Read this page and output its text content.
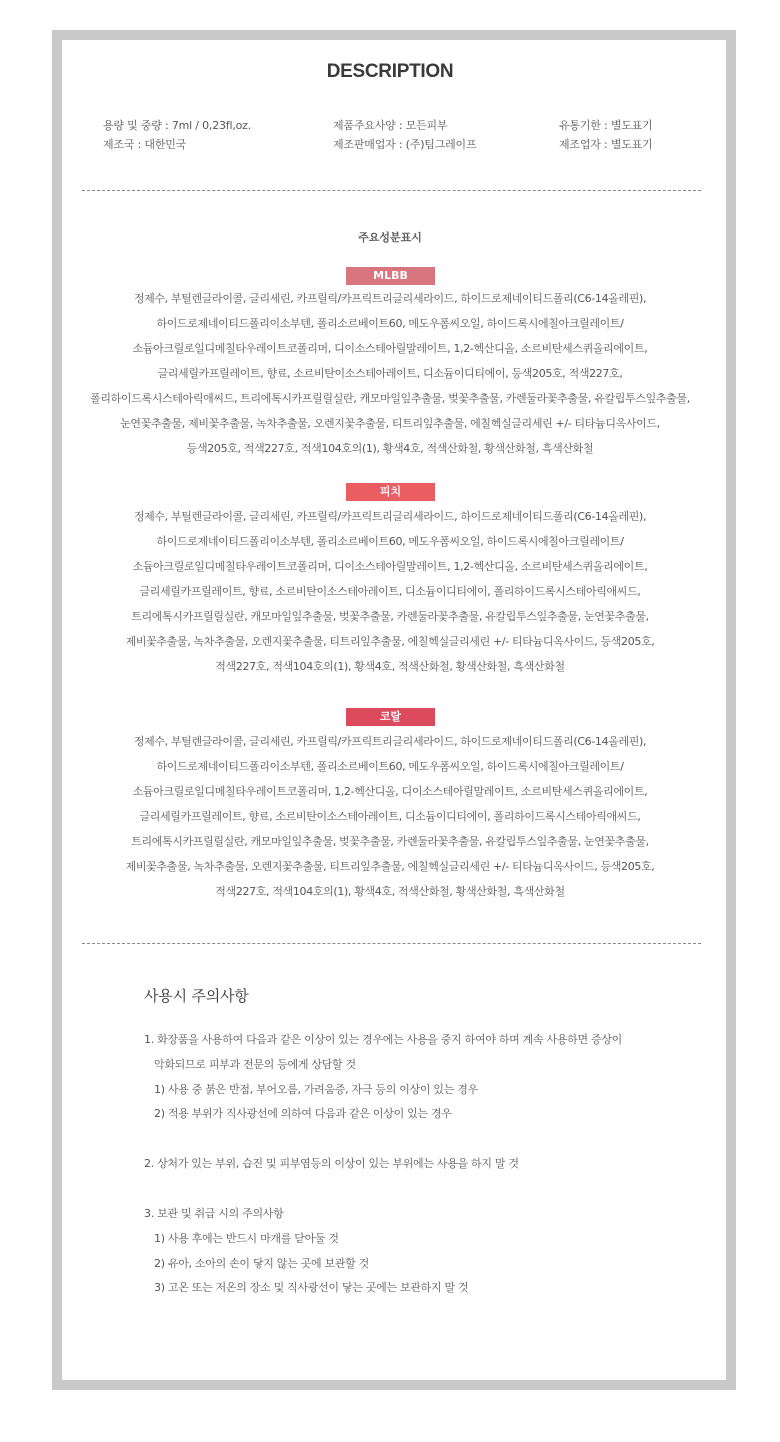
DESCRIPTION
용량 및 중량 : 7ml / 0,23fl,oz.	제품주요사양 : 모든피부	유통기한 : 별도표기
제조국 : 대한민국	제조판매업자 : (주)팀그레이프	제조업자 : 별도표기
주요성분표시
MLBB
정제수, 부틸렌글라이콜, 글리세린, 카프릴릭/카프릭트리글리세라이드, 하이드로제네이티드폴리(C6-14올레핀),
하이드로제네이티드폴리이소부텐, 폴리소르베이트60, 메도우폼씨오일, 하이드록시에칠아크릴레이트/
소듐아크릴로일디메칠타우레이트코폴리머, 디이소스테아릴말레이트, 1,2-헥산디올, 소르비탄세스퀴올리에이트,
글리세릴카프릴레이트, 향료, 소르비탄이소스테아레이트, 디소듐이디티에이, 등색205호, 적색227호,
폴리하이드록시스테아릭애씨드, 트리에톡시카프릴릴실란, 캐모마일잎추출물, 벚꽃추출물, 카렌둘라꽃추출물, 유칼립투스잎추출물,
눈연꽃추출물, 제비꽃추출물, 녹차추출물, 오렌지꽃추출물, 티트리잎추출물, 에칠헥실글리세린 +/- 티타늄디옥사이드,
등색205호, 적색227호, 적색104호의(1), 황색4호, 적색산화철, 황색산화철, 흑색산화철
피치
정제수, 부틸렌글라이콜, 글리세린, 카프릴릭/카프릭트리글리세라이드, 하이드로제네이티드폴리(C6-14올레핀),
하이드로제네이티드폴리이소부텐, 폴리소르베이트60, 메도우폼씨오일, 하이드록시에칠아크릴레이트/
소듐아크릴로일디메칠타우레이트코폴리머, 디이소스테아릴말레이트, 1,2-헥산디올, 소르비탄세스퀴올리에이트,
글리세릴카프릴레이트, 향료, 소르비탄이소스테아레이트, 디소듐이디티에이, 폴리하이드록시스테아릭애씨드,
트리에톡시카프릴릴실란, 캐모마일잎추출물, 벚꽃추출물, 카렌둘라꽃추출물, 유칼립투스잎추출물, 눈연꽃추출물,
제비꽃추출물, 녹차추출물, 오렌지꽃추출물, 티트리잎추출물, 에칠헥실글리세린 +/- 티타늄디옥사이드, 등색205호,
적색227호, 적색104호의(1), 황색4호, 적색산화철, 황색산화철, 흑색산화철
코랄
정제수, 부틸렌글라이콜, 글리세린, 카프릴릭/카프릭트리글리세라이드, 하이드로제네이티드폴리(C6-14올레핀),
하이드로제네이티드폴리이소부텐, 폴리소르베이트60, 메도우폼씨오일, 하이드록시에칠아크릴레이트/
소듐아크릴로일디메칠타우레이트코폴리머, 1,2-헥산디올, 디이소스테아릴말레이트, 소르비탄세스퀴올리에이트,
글리세릴카프릴레이트, 향료, 소르비탄이소스테아레이트, 디소듐이디티에이, 폴리하이드록시스테아릭애씨드,
트리에톡시카프릴릴실란, 캐모마일잎추출물, 벚꽃추출물, 카렌둘라꽃추출물, 유칼립투스잎추출물, 눈연꽃추출물,
제비꽃추출물, 녹차추출물, 오렌지꽃추출물, 티트리잎추출물, 에칠헥실글리세린 +/- 티타늄디옥사이드, 등색205호,
적색227호, 적색104호의(1), 황색4호, 적색산화철, 황색산화철, 흑색산화철
사용시 주의사항
1. 화장품을 사용하여 다음과 같은 이상이 있는 경우에는 사용을 중지 하여야 하며 계속 사용하면 증상이
악화되므로 피부과 전문의 등에게 상담할 것
1) 사용 중 붉은 반점, 부어오름, 가려움증, 자극 등의 이상이 있는 경우
2) 적용 부위가 직사광선에 의하여 다음과 같은 이상이 있는 경우
2. 상처가 있는 부위, 습진 및 피부염등의 이상이 있는 부위에는 사용을 하지 말 것
3. 보관 및 취급 시의 주의사항
1) 사용 후에는 반드시 마개를 닫아둘 것
2) 유아, 소아의 손이 닿지 않는 곳에 보관할 것
3) 고온 또는 저온의 장소 및 직사광선이 닿는 곳에는 보관하지 말 것
